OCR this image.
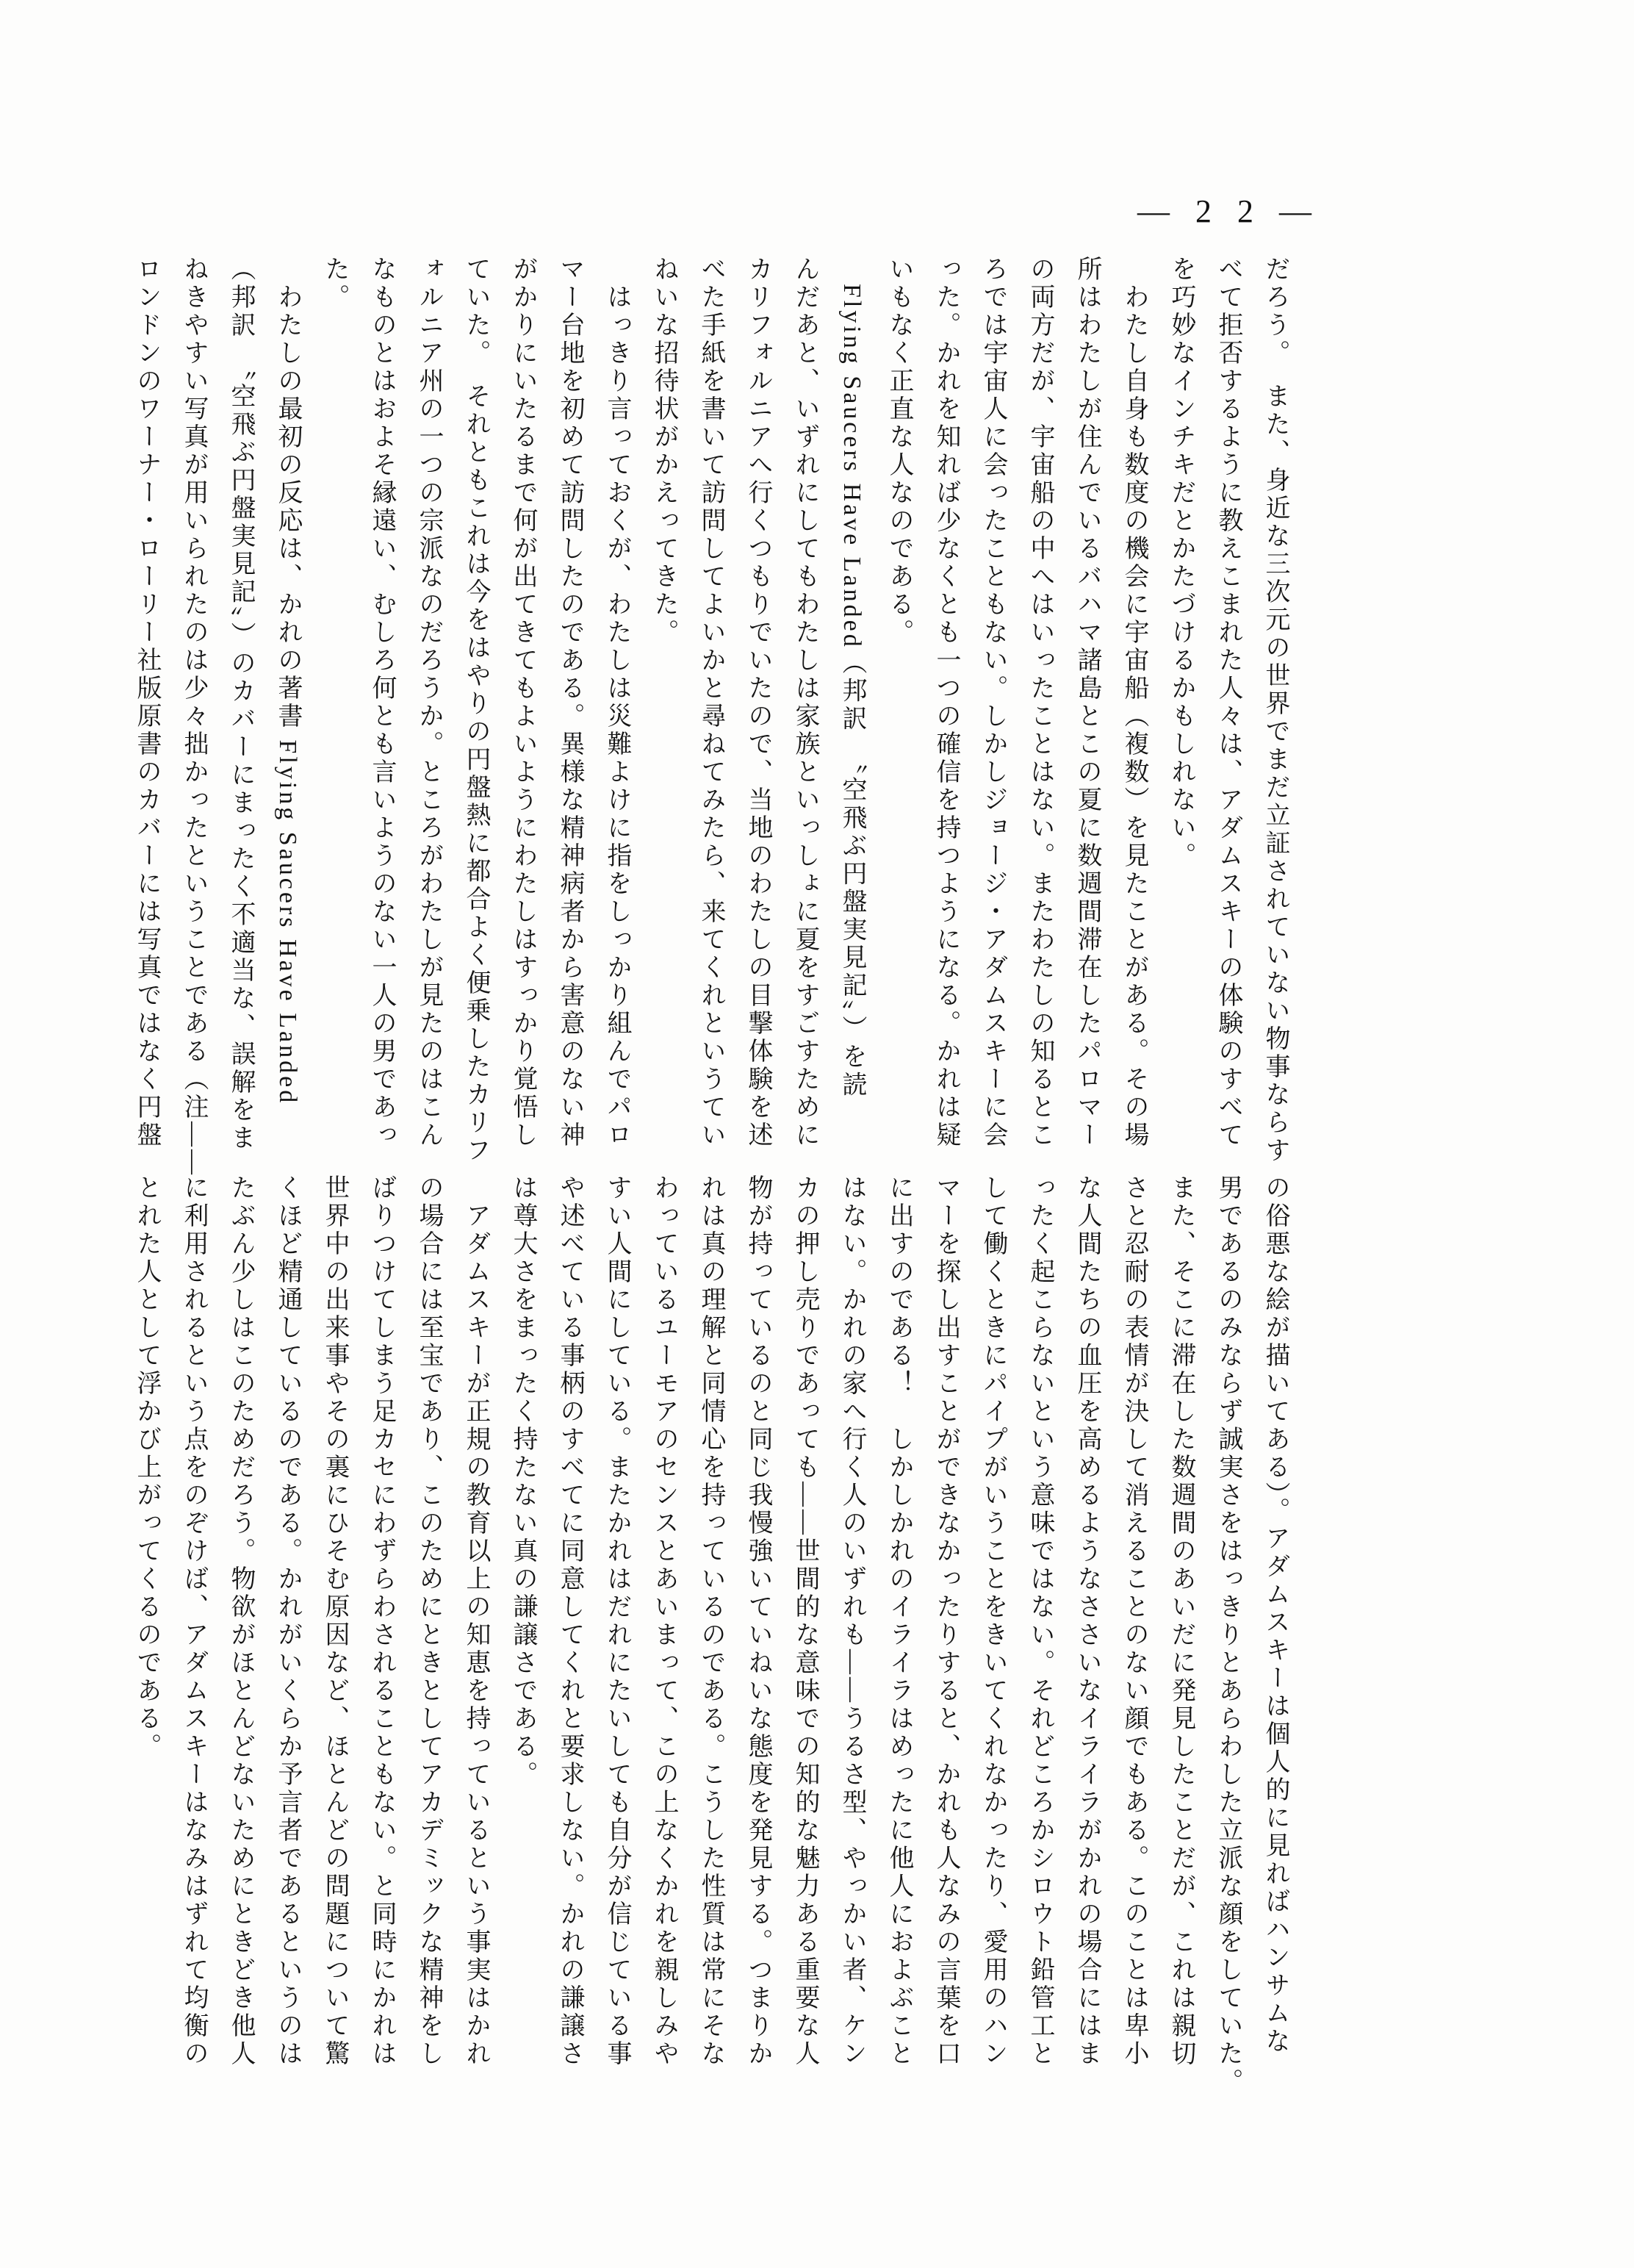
— 2 2 —
だろう。　また、身近な三次元の世界でまだ立証されていない物事ならす
べて拒否するように教えこまれた人々は、アダムスキーの体験のすべて
を巧妙なインチキだとかたづけるかもしれない。
　わたし自身も数度の機会に宇宙船（複数）を見たことがある。その場
所はわたしが住んでいるバハマ諸島とこの夏に数週間滞在したパロマー
の両方だが、宇宙船の中へはいったことはない。またわたしの知るとこ
ろでは宇宙人に会ったこともない。しかしジョージ・アダムスキーに会
った。かれを知れば少なくとも一つの確信を持つようになる。かれは疑
いもなく正直な人なのである。
　Flying Saucers Have Landed（邦訳　〝空飛ぶ円盤実見記〟）を読
んだあと、いずれにしてもわたしは家族といっしょに夏をすごすために
カリフォルニアへ行くつもりでいたので、当地のわたしの目撃体験を述
べた手紙を書いて訪問してよいかと尋ねてみたら、来てくれというてい
ねいな招待状がかえってきた。
　はっきり言っておくが、わたしは災難よけに指をしっかり組んでパロ
マー台地を初めて訪問したのである。異様な精神病者から害意のない神
がかりにいたるまで何が出てきてもよいようにわたしはすっかり覚悟し
ていた。　それともこれは今をはやりの円盤熱に都合よく便乗したカリフ
ォルニア州の一つの宗派なのだろうか。ところがわたしが見たのはこん
なものとはおよそ縁遠い、むしろ何とも言いようのない一人の男であっ
た。
　わたしの最初の反応は、かれの著書 Flying Saucers Have Landed
（邦訳　〝空飛ぶ円盤実見記〟）のカバーにまったく不適当な、誤解をま
ねきやすい写真が用いられたのは少々拙かったということである（注——
ロンドンのワーナー・ローリー社版原書のカバーには写真ではなく円盤
の俗悪な絵が描いてある）。アダムスキーは個人的に見ればハンサムな
男であるのみならず誠実さをはっきりとあらわした立派な顔をしていた。
また、そこに滞在した数週間のあいだに発見したことだが、これは親切
さと忍耐の表情が決して消えることのない顔でもある。このことは卑小
な人間たちの血圧を高めるようなささいなイライラがかれの場合にはま
ったく起こらないという意味ではない。それどころかシロウト鉛管工と
して働くときにパイプがいうことをきいてくれなかったり、愛用のハン
マーを探し出すことができなかったりすると、かれも人なみの言葉を口
に出すのである！　しかしかれのイライラはめったに他人におよぶこと
はない。かれの家へ行く人のいずれも——うるさ型、やっかい者、ケン
カの押し売りであっても——世間的な意味での知的な魅力ある重要な人
物が持っているのと同じ我慢強いていねいな態度を発見する。つまりか
れは真の理解と同情心を持っているのである。こうした性質は常にそな
わっているユーモアのセンスとあいまって、この上なくかれを親しみや
すい人間にしている。またかれはだれにたいしても自分が信じている事
や述べている事柄のすべてに同意してくれと要求しない。かれの謙譲さ
は尊大さをまったく持たない真の謙譲さである。
　アダムスキーが正規の教育以上の知恵を持っているという事実はかれ
の場合には至宝であり、このためにときとしてアカデミックな精神をし
ばりつけてしまう足カセにわずらわされることもない。と同時にかれは
世界中の出来事やその裏にひそむ原因など、ほとんどの問題について驚
くほど精通しているのである。かれがいくらか予言者であるというのは
たぶん少しはこのためだろう。物欲がほとんどないためにときどき他人
に利用されるという点をのぞけば、アダムスキーはなみはずれて均衡の
とれた人として浮かび上がってくるのである。
